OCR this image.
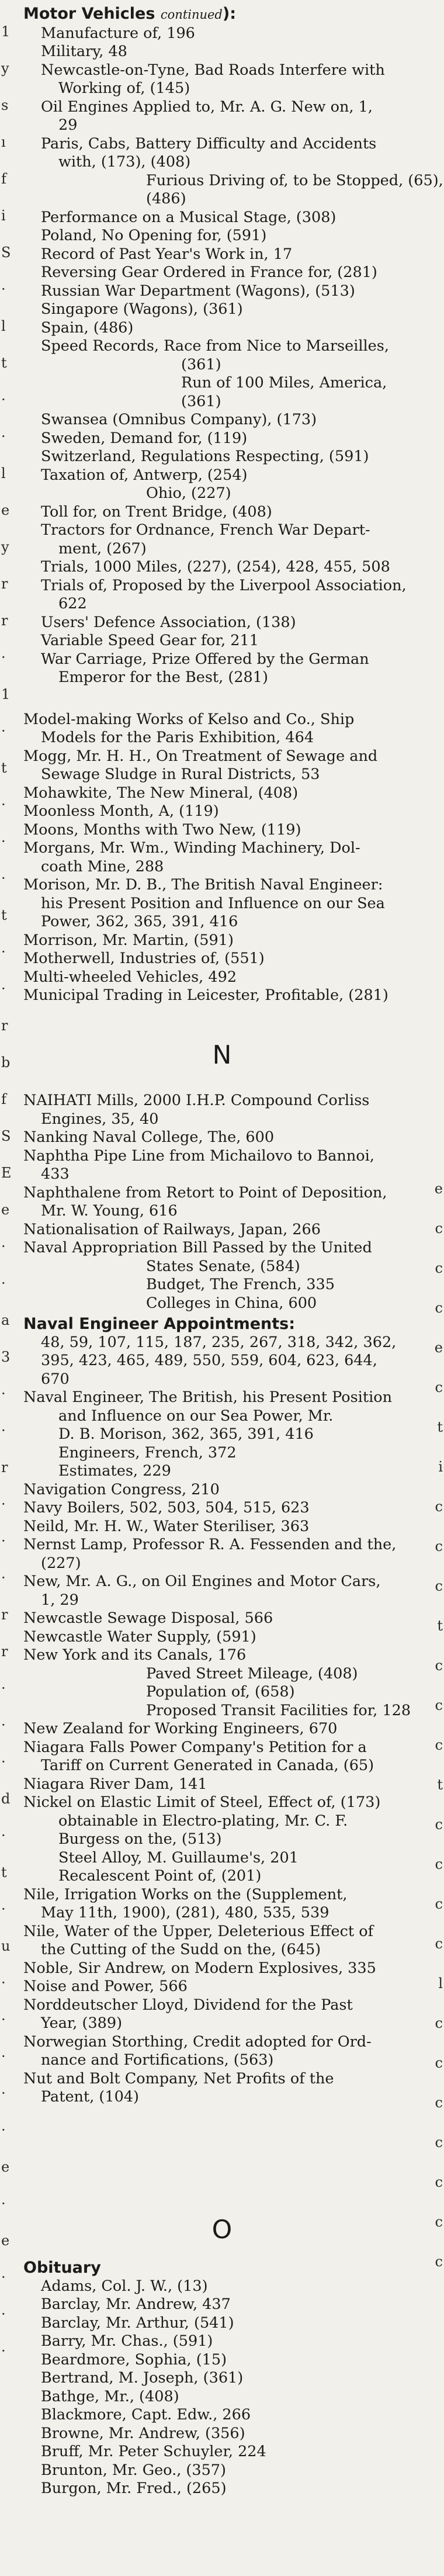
Motor Vehicles continued):
Manufacture of, 196
Military, 48
Newcastle-on-Tyne, Bad Roads Interfere with
Working of, (145)
Oil Engines Applied to, Mr. A. G. New on, 1,
29
Paris, Cabs, Battery Difficulty and Accidents
with, (173), (408)
Furious Driving of, to be Stopped, (65),
(486)
Performance on a Musical Stage, (308)
Poland, No Opening for, (591)
Record of Past Year's Work in, 17
Reversing Gear Ordered in France for, (281)
Russian War Department (Wagons), (513)
Singapore (Wagons), (361)
Spain, (486)
Speed Records, Race from Nice to Marseilles,
(361)
Run of 100 Miles, America,
(361)
Swansea (Omnibus Company), (173)
Sweden, Demand for, (119)
Switzerland, Regulations Respecting, (591)
Taxation of, Antwerp, (254)
Ohio, (227)
Toll for, on Trent Bridge, (408)
Tractors for Ordnance, French War Depart-
ment, (267)
Trials, 1000 Miles, (227), (254), 428, 455, 508
Trials of, Proposed by the Liverpool Association,
622
Users' Defence Association, (138)
Variable Speed Gear for, 211
War Carriage, Prize Offered by the German
Emperor for the Best, (281)
Model-making Works of Kelso and Co., Ship
Models for the Paris Exhibition, 464
Mogg, Mr. H. H., On Treatment of Sewage and
Sewage Sludge in Rural Districts, 53
Mohawkite, The New Mineral, (408)
Moonless Month, A, (119)
Moons, Months with Two New, (119)
Morgans, Mr. Wm., Winding Machinery, Dol-
coath Mine, 288
Morison, Mr. D. B., The British Naval Engineer:
his Present Position and Influence on our Sea
Power, 362, 365, 391, 416
Morrison, Mr. Martin, (591)
Motherwell, Industries of, (551)
Multi-wheeled Vehicles, 492
Municipal Trading in Leicester, Profitable, (281)
N
NAIHATI Mills, 2000 I.H.P. Compound Corliss
Engines, 35, 40
Nanking Naval College, The, 600
Naphtha Pipe Line from Michailovo to Bannoi,
433
Naphthalene from Retort to Point of Deposition,
Mr. W. Young, 616
Nationalisation of Railways, Japan, 266
Naval Appropriation Bill Passed by the United
States Senate, (584)
Budget, The French, 335
Colleges in China, 600
Naval Engineer Appointments:
48, 59, 107, 115, 187, 235, 267, 318, 342, 362,
395, 423, 465, 489, 550, 559, 604, 623, 644,
670
Naval Engineer, The British, his Present Position
and Influence on our Sea Power, Mr.
D. B. Morison, 362, 365, 391, 416
Engineers, French, 372
Estimates, 229
Navigation Congress, 210
Navy Boilers, 502, 503, 504, 515, 623
Neild, Mr. H. W., Water Steriliser, 363
Nernst Lamp, Professor R. A. Fessenden and the,
(227)
New, Mr. A. G., on Oil Engines and Motor Cars,
1, 29
Newcastle Sewage Disposal, 566
Newcastle Water Supply, (591)
New York and its Canals, 176
Paved Street Mileage, (408)
Population of, (658)
Proposed Transit Facilities for, 128
New Zealand for Working Engineers, 670
Niagara Falls Power Company's Petition for a
Tariff on Current Generated in Canada, (65)
Niagara River Dam, 141
Nickel on Elastic Limit of Steel, Effect of, (173)
obtainable in Electro-plating, Mr. C. F.
Burgess on the, (513)
Steel Alloy, M. Guillaume's, 201
Recalescent Point of, (201)
Nile, Irrigation Works on the (Supplement,
May 11th, 1900), (281), 480, 535, 539
Nile, Water of the Upper, Deleterious Effect of
the Cutting of the Sudd on the, (645)
Noble, Sir Andrew, on Modern Explosives, 335
Noise and Power, 566
Norddeutscher Lloyd, Dividend for the Past
Year, (389)
Norwegian Storthing, Credit adopted for Ord-
nance and Fortifications, (563)
Nut and Bolt Company, Net Profits of the
Patent, (104)
O
Obituary
Adams, Col. J. W., (13)
Barclay, Mr. Andrew, 437
Barclay, Mr. Arthur, (541)
Barry, Mr. Chas., (591)
Beardmore, Sophia, (15)
Bertrand, M. Joseph, (361)
Bathge, Mr., (408)
Blackmore, Capt. Edw., 266
Browne, Mr. Andrew, (356)
Bruff, Mr. Peter Schuyler, 224
Brunton, Mr. Geo., (357)
Burgon, Mr. Fred., (265)
1
y
s
ı
f
i
S
·
l
t
·
·
l
e
y
r
r
·
1
·
t
·
·
·
t
·
·
r
b
f
S
E
e
·
·
a
3
·
·
r
·
·
·
r
r
·
·
·
d
·
t
·
u
·
·
·
·
·
e
·
e
·
·
·
e
c
c
c
e
c
t
i
c
c
c
t
c
c
c
t
c
c
c
c
l
c
c
c
c
c
c
c
